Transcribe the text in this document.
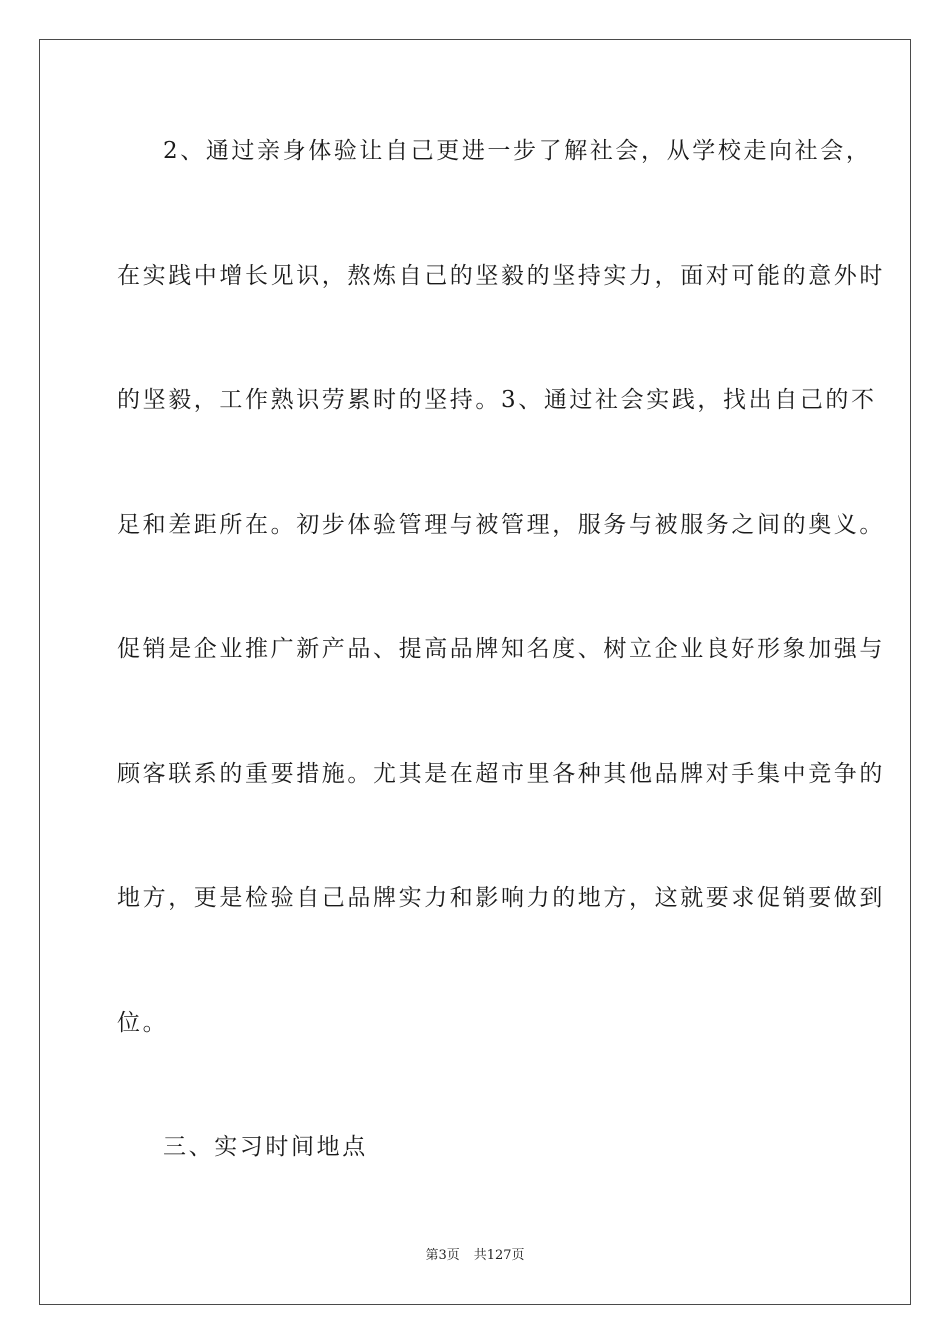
2、通过亲身体验让自己更进一步了解社会，从学校走向社会，
在实践中增长见识，熬炼自己的坚毅的坚持实力，面对可能的意外时
的坚毅，工作熟识劳累时的坚持。3、通过社会实践，找出自己的不
足和差距所在。初步体验管理与被管理，服务与被服务之间的奥义。
促销是企业推广新产品、提高品牌知名度、树立企业良好形象加强与
顾客联系的重要措施。尤其是在超市里各种其他品牌对手集中竞争的
地方，更是检验自己品牌实力和影响力的地方，这就要求促销要做到
位。
三、实习时间地点
第3页 共127页
